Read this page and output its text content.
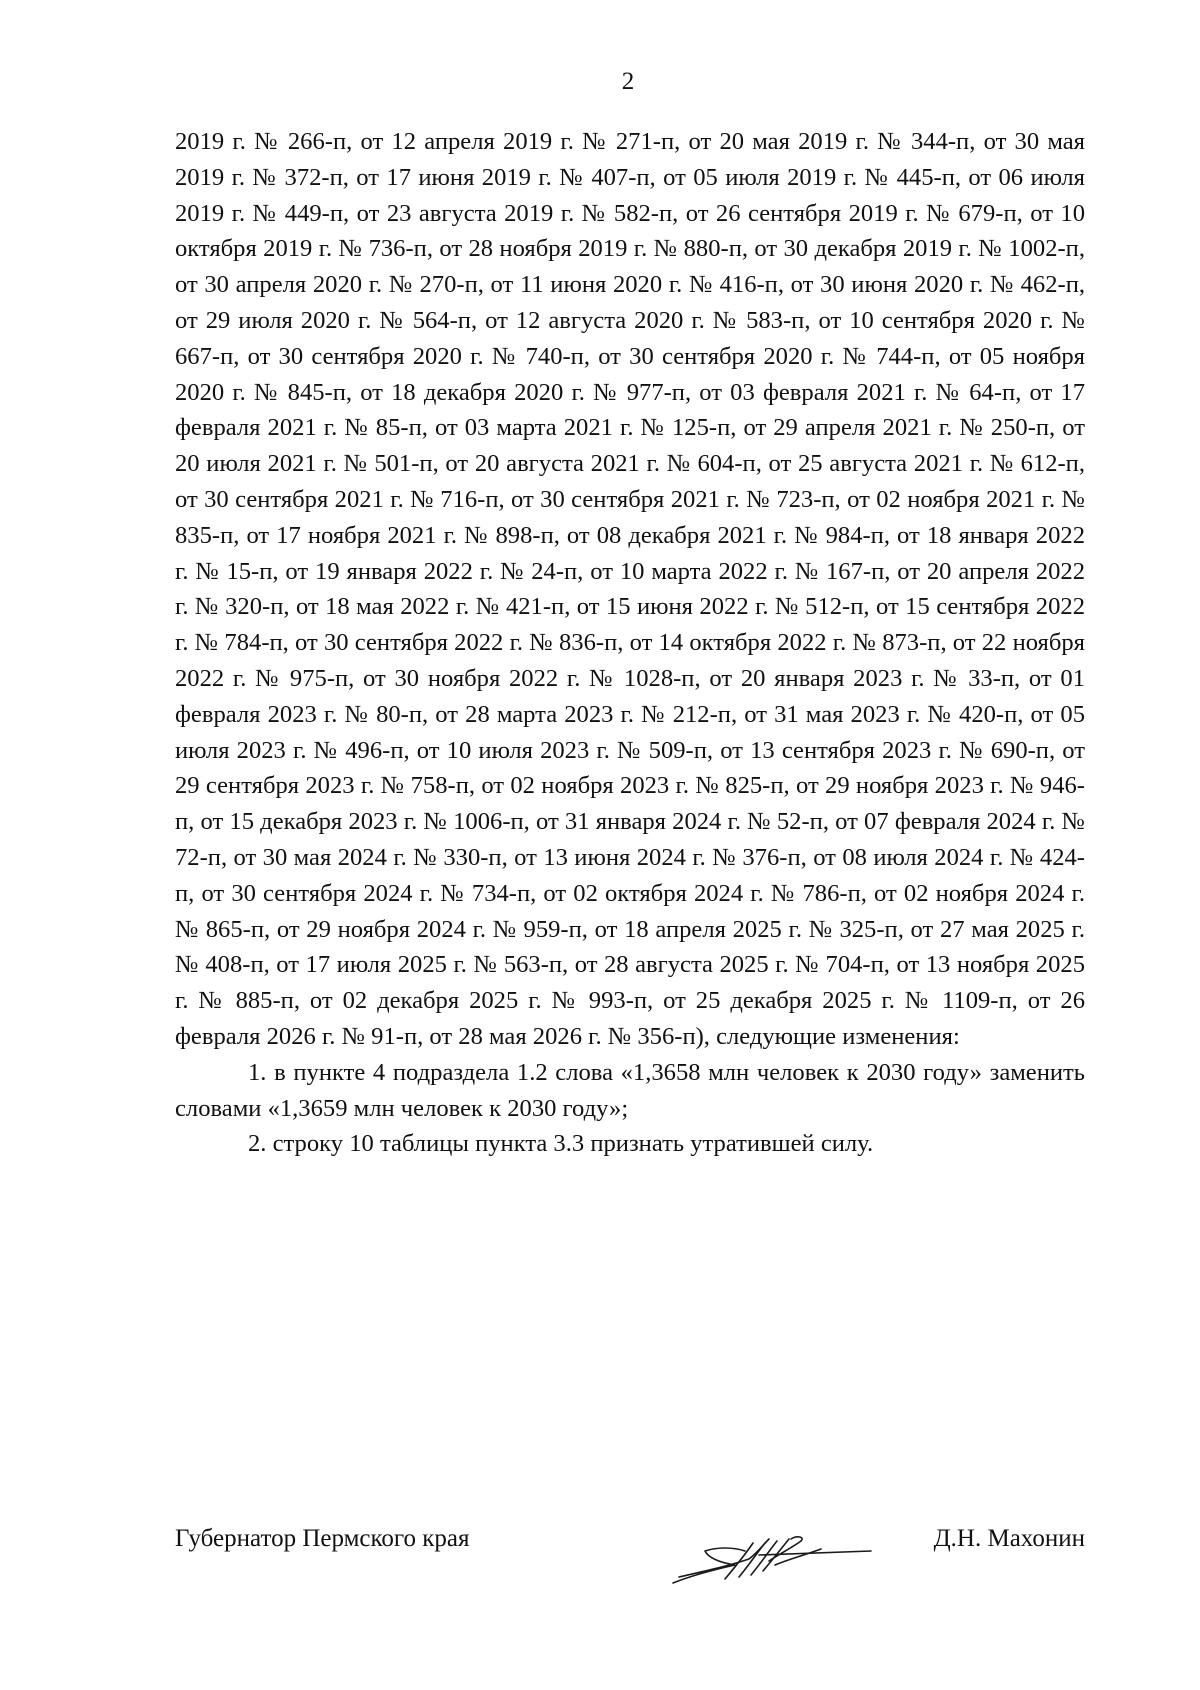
2

2019 г. № 266-п, от 12 апреля 2019 г. № 271-п, от 20 мая 2019 г. № 344-п, от 30 мая 2019 г. № 372-п, от 17 июня 2019 г. № 407-п, от 05 июля 2019 г. № 445-п, от 06 июля 2019 г. № 449-п, от 23 августа 2019 г. № 582-п, от 26 сентября 2019 г. № 679-п, от 10 октября 2019 г. № 736-п, от 28 ноября 2019 г. № 880-п, от 30 декабря 2019 г. № 1002-п, от 30 апреля 2020 г. № 270-п, от 11 июня 2020 г. № 416-п, от 30 июня 2020 г. № 462-п, от 29 июля 2020 г. № 564-п, от 12 августа 2020 г. № 583-п, от 10 сентября 2020 г. № 667-п, от 30 сентября 2020 г. № 740-п, от 30 сентября 2020 г. № 744-п, от 05 ноября 2020 г. № 845-п, от 18 декабря 2020 г. № 977-п, от 03 февраля 2021 г. № 64-п, от 17 февраля 2021 г. № 85-п, от 03 марта 2021 г. № 125-п, от 29 апреля 2021 г. № 250-п, от 20 июля 2021 г. № 501-п, от 20 августа 2021 г. № 604-п, от 25 августа 2021 г. № 612-п, от 30 сентября 2021 г. № 716-п, от 30 сентября 2021 г. № 723-п, от 02 ноября 2021 г. № 835-п, от 17 ноября 2021 г. № 898-п, от 08 декабря 2021 г. № 984-п, от 18 января 2022 г. № 15-п, от 19 января 2022 г. № 24-п, от 10 марта 2022 г. № 167-п, от 20 апреля 2022 г. № 320-п, от 18 мая 2022 г. № 421-п, от 15 июня 2022 г. № 512-п, от 15 сентября 2022 г. № 784-п, от 30 сентября 2022 г. № 836-п, от 14 октября 2022 г. № 873-п, от 22 ноября 2022 г. № 975-п, от 30 ноября 2022 г. № 1028-п, от 20 января 2023 г. № 33-п, от 01 февраля 2023 г. № 80-п, от 28 марта 2023 г. № 212-п, от 31 мая 2023 г. № 420-п, от 05 июля 2023 г. № 496-п, от 10 июля 2023 г. № 509-п, от 13 сентября 2023 г. № 690-п, от 29 сентября 2023 г. № 758-п, от 02 ноября 2023 г. № 825-п, от 29 ноября 2023 г. № 946-п, от 15 декабря 2023 г. № 1006-п, от 31 января 2024 г. № 52-п, от 07 февраля 2024 г. № 72-п, от 30 мая 2024 г. № 330-п, от 13 июня 2024 г. № 376-п, от 08 июля 2024 г. № 424-п, от 30 сентября 2024 г. № 734-п, от 02 октября 2024 г. № 786-п, от 02 ноября 2024 г. № 865-п, от 29 ноября 2024 г. № 959-п, от 18 апреля 2025 г. № 325-п, от 27 мая 2025 г. № 408-п, от 17 июля 2025 г. № 563-п, от 28 августа 2025 г. № 704-п, от 13 ноября 2025 г. № 885-п, от 02 декабря 2025 г. № 993-п, от 25 декабря 2025 г. № 1109-п, от 26 февраля 2026 г. № 91-п, от 28 мая 2026 г. № 356-п), следующие изменения:

1. в пункте 4 подраздела 1.2 слова «1,3658 млн человек к 2030 году» заменить словами «1,3659 млн человек к 2030 году»;

2. строку 10 таблицы пункта 3.3 признать утратившей силу.

Губернатор Пермского края	Д.Н. Махонин
